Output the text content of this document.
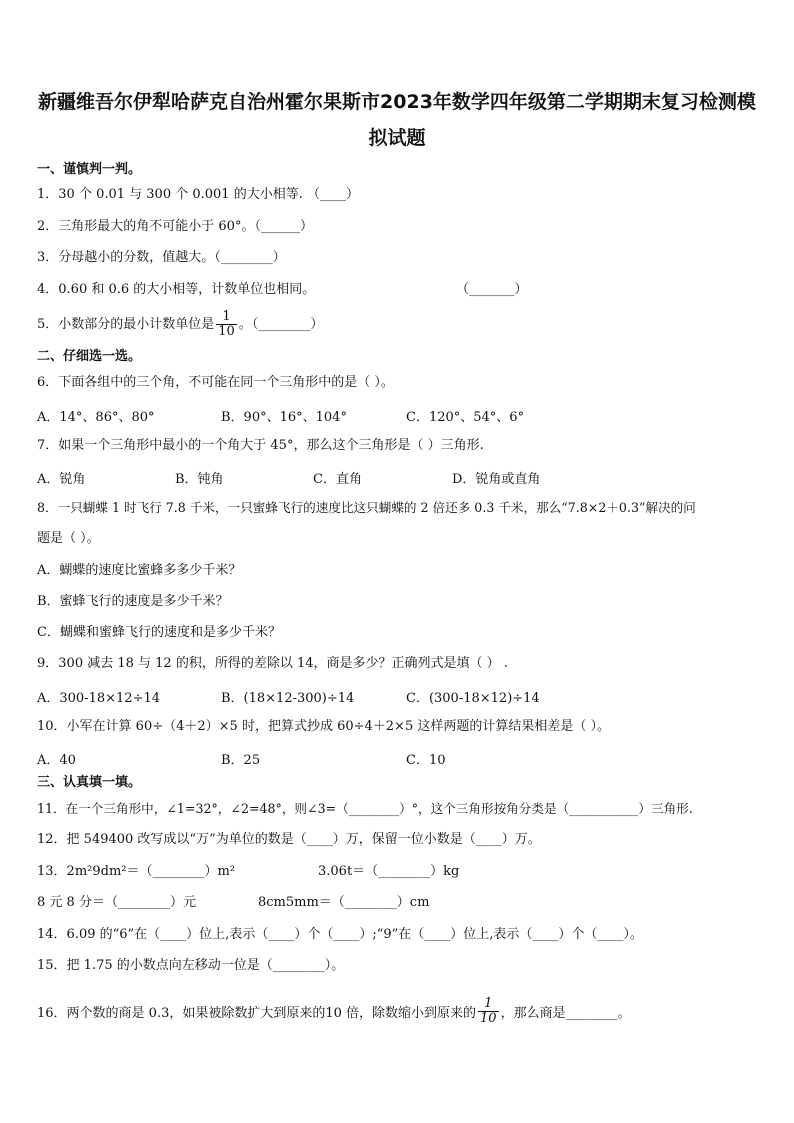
新疆维吾尔伊犁哈萨克自治州霍尔果斯市2023年数学四年级第二学期期末复习检测模
拟试题
一、谨慎判一判。
1．30 个 0.01 与 300 个 0.001 的大小相等. （____）
2．三角形最大的角不可能小于 60°。（______）
3．分母越小的分数，值越大。（________）
4．0.60 和 0.6 的大小相等，计数单位也相同。	（_______）
5．小数部分的最小计数单位是 $\frac{1}{10}$ 。（________）
二、仔细选一选。
6．下面各组中的三个角，不可能在同一个三角形中的是（ ）。
A．14°、86°、80°	B．90°、16°、104°	C．120°、54°、6°
7．如果一个三角形中最小的一个角大于 45°，那么这个三角形是（ ）三角形.
A．锐角	B．钝角	C．直角	D．锐角或直角
8．一只蝴蝶 1 时飞行 7.8 千米，一只蜜蜂飞行的速度比这只蝴蝶的 2 倍还多 0.3 千米，那么“7.8×2＋0.3”解决的问
题是（ ）。
A．蝴蝶的速度比蜜蜂多多少千米？
B．蜜蜂飞行的速度是多少千米？
C．蝴蝶和蜜蜂飞行的速度和是多少千米？
9．300 减去 18 与 12 的积，所得的差除以 14，商是多少？正确列式是填（ ） .
A．300-18×12÷14	B．(18×12-300)÷14	C．(300-18×12)÷14
10．小军在计算 60÷（4＋2）×5 时，把算式抄成 60÷4＋2×5 这样两题的计算结果相差是（ ）。
A．40	B．25	C．10
三、认真填一填。
11．在一个三角形中，∠1=32°，∠2=48°，则∠3=（________）°，这个三角形按角分类是（___________）三角形.
12．把 549400 改写成以“万”为单位的数是（____）万，保留一位小数是（____）万。
13．2m²9dm²＝（________）m²	3.06t＝（________）kg
8 元 8 分＝（________）元	8cm5mm＝（________）cm
14．6.09 的“6”在（____）位上,表示（____）个（____）;“9”在（____）位上,表示（____）个（____）。
15．把 1.75 的小数点向左移动一位是（________）。
16．两个数的商是 0.3，如果被除数扩大到原来的10 倍，除数缩小到原来的 $\frac{1}{10}$ ，那么商是________。
